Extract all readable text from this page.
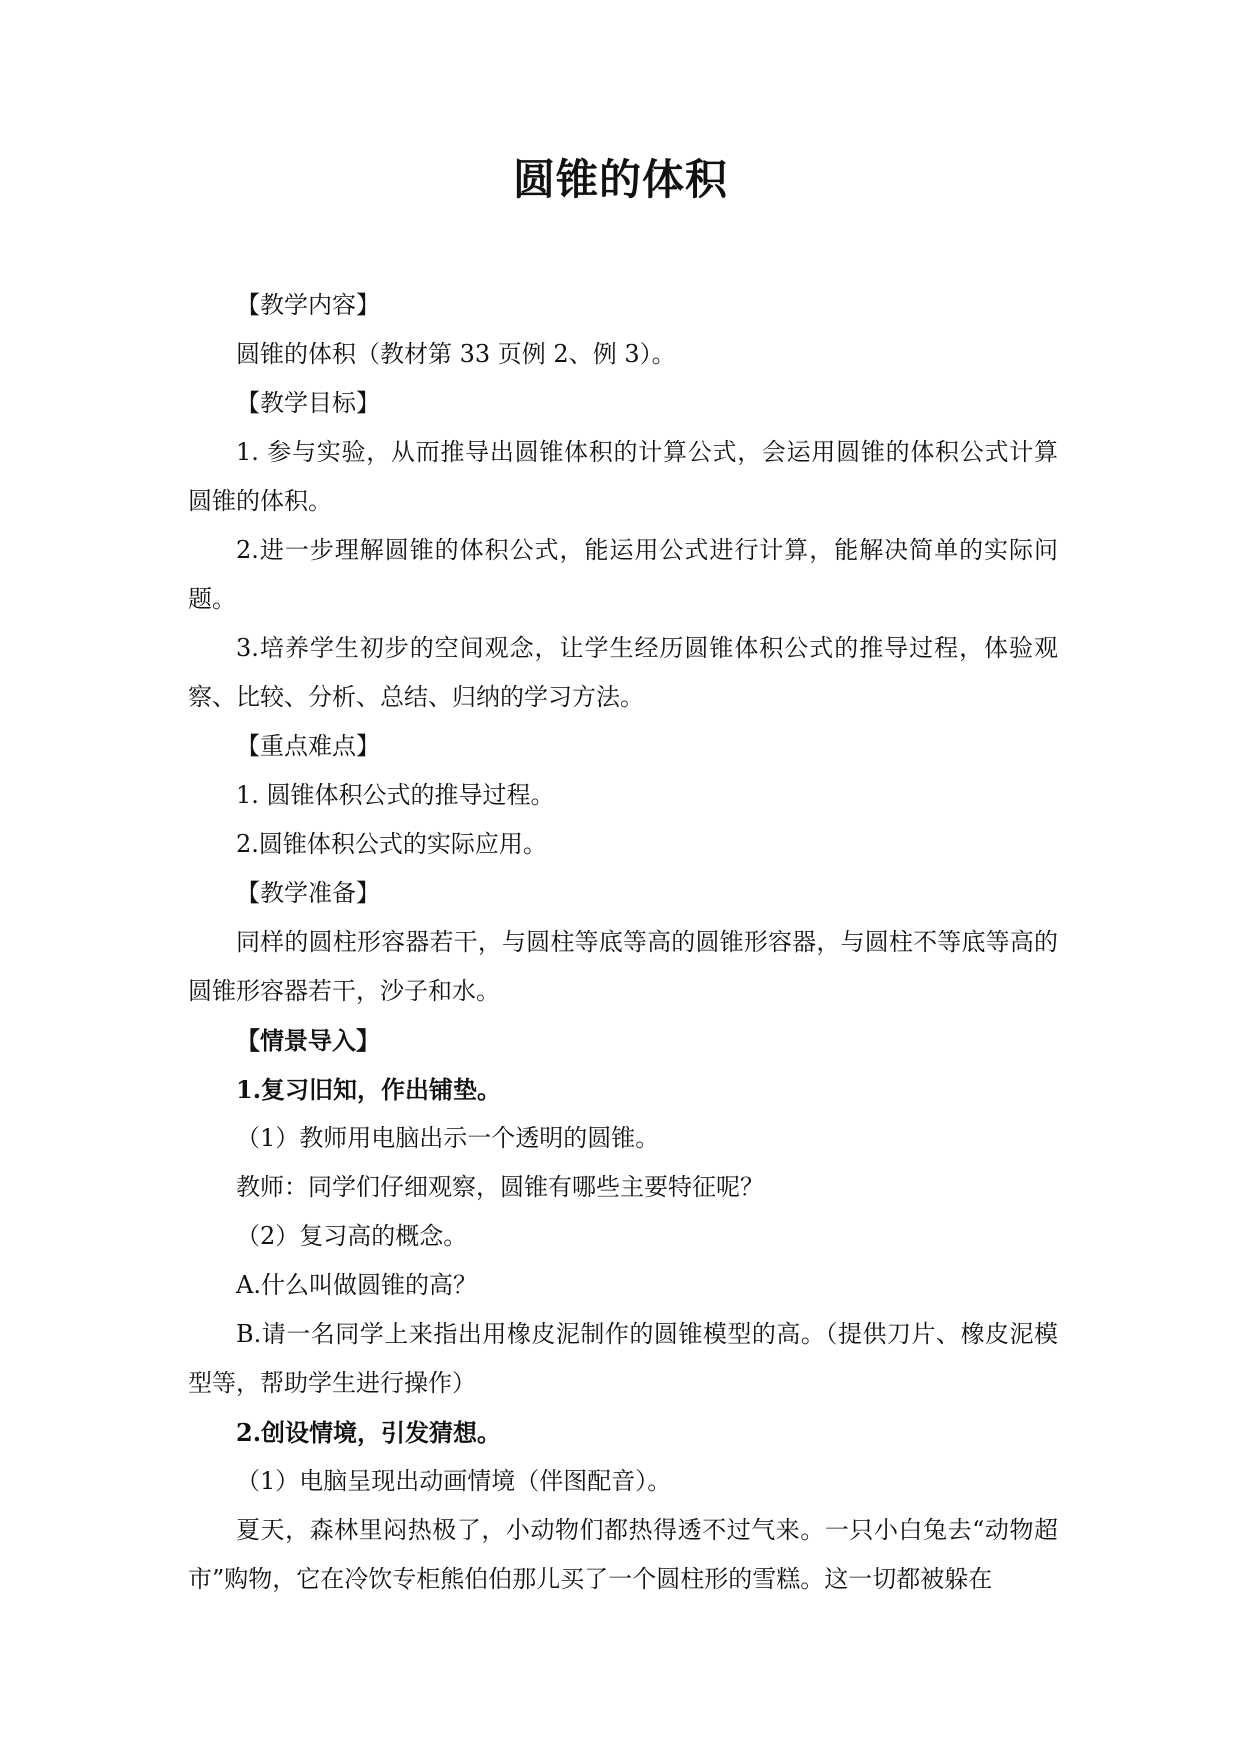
圆锥的体积

【教学内容】

圆锥的体积（教材第 33 页例 2、例 3）。

【教学目标】

1. 参与实验，从而推导出圆锥体积的计算公式，会运用圆锥的体积公式计算圆锥的体积。

2.进一步理解圆锥的体积公式，能运用公式进行计算，能解决简单的实际问题。

3.培养学生初步的空间观念，让学生经历圆锥体积公式的推导过程，体验观察、比较、分析、总结、归纳的学习方法。

【重点难点】

1. 圆锥体积公式的推导过程。

2.圆锥体积公式的实际应用。

【教学准备】

同样的圆柱形容器若干，与圆柱等底等高的圆锥形容器，与圆柱不等底等高的圆锥形容器若干，沙子和水。

【情景导入】

1.复习旧知，作出铺垫。

（1）教师用电脑出示一个透明的圆锥。

教师：同学们仔细观察，圆锥有哪些主要特征呢？

（2）复习高的概念。

A.什么叫做圆锥的高？

B.请一名同学上来指出用橡皮泥制作的圆锥模型的高。（提供刀片、橡皮泥模型等，帮助学生进行操作）

2.创设情境，引发猜想。

（1）电脑呈现出动画情境（伴图配音）。

夏天，森林里闷热极了，小动物们都热得透不过气来。一只小白兔去“动物超市”购物，它在冷饮专柜熊伯伯那儿买了一个圆柱形的雪糕。这一切都被躲在
